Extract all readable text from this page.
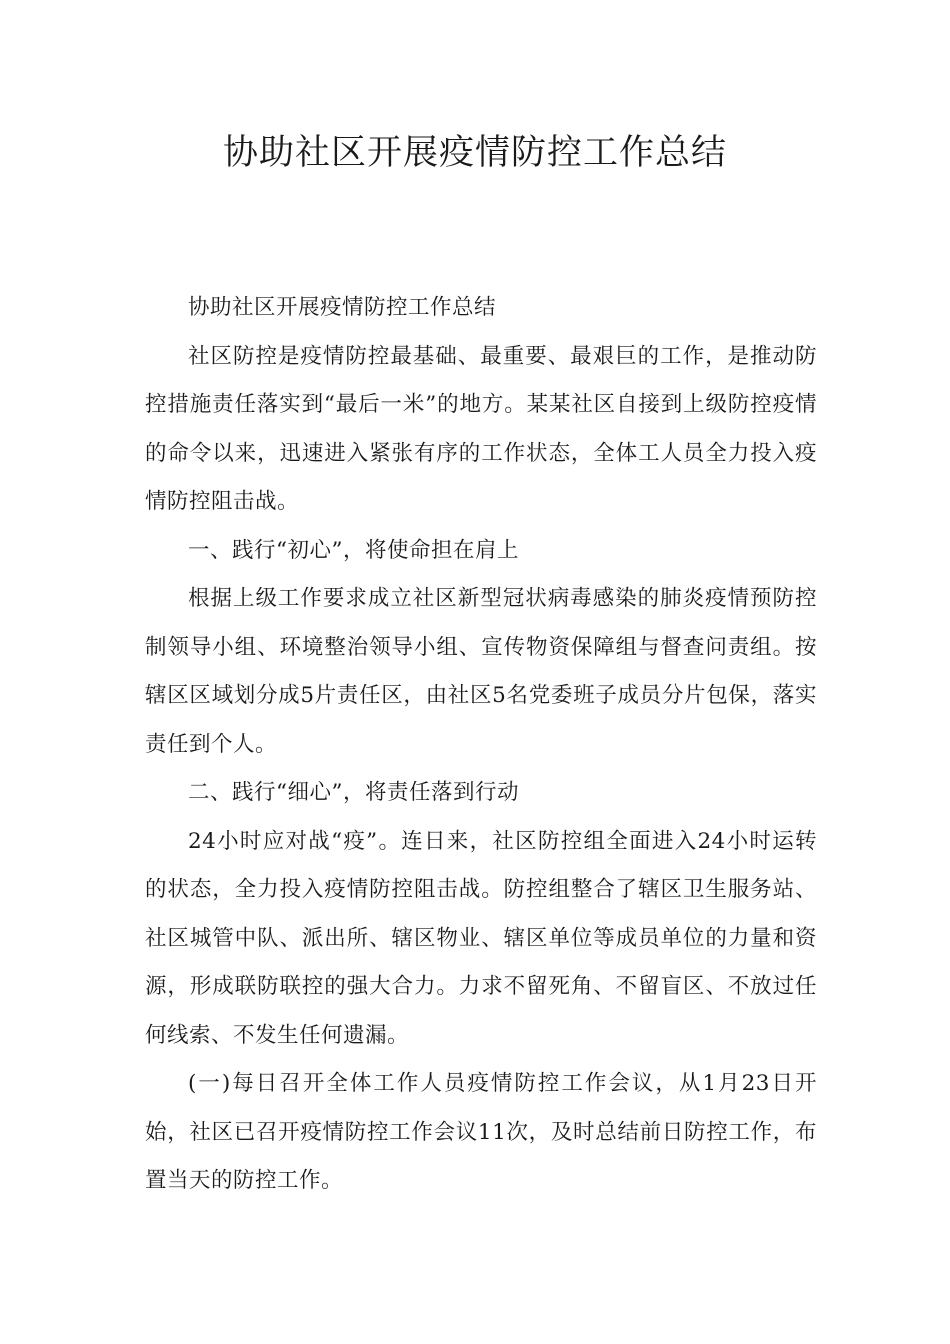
协助社区开展疫情防控工作总结

协助社区开展疫情防控工作总结

社区防控是疫情防控最基础、最重要、最艰巨的工作，是推动防控措施责任落实到“最后一米”的地方。某某社区自接到上级防控疫情的命令以来，迅速进入紧张有序的工作状态，全体工人员全力投入疫情防控阻击战。

一、践行“初心”，将使命担在肩上

根据上级工作要求成立社区新型冠状病毒感染的肺炎疫情预防控制领导小组、环境整治领导小组、宣传物资保障组与督查问责组。按辖区区域划分成5片责任区，由社区5名党委班子成员分片包保，落实责任到个人。

二、践行“细心”，将责任落到行动

24小时应对战“疫”。连日来，社区防控组全面进入24小时运转的状态，全力投入疫情防控阻击战。防控组整合了辖区卫生服务站、社区城管中队、派出所、辖区物业、辖区单位等成员单位的力量和资源，形成联防联控的强大合力。力求不留死角、不留盲区、不放过任何线索、不发生任何遗漏。

(一)每日召开全体工作人员疫情防控工作会议，从1月23日开始，社区已召开疫情防控工作会议11次，及时总结前日防控工作，布置当天的防控工作。
